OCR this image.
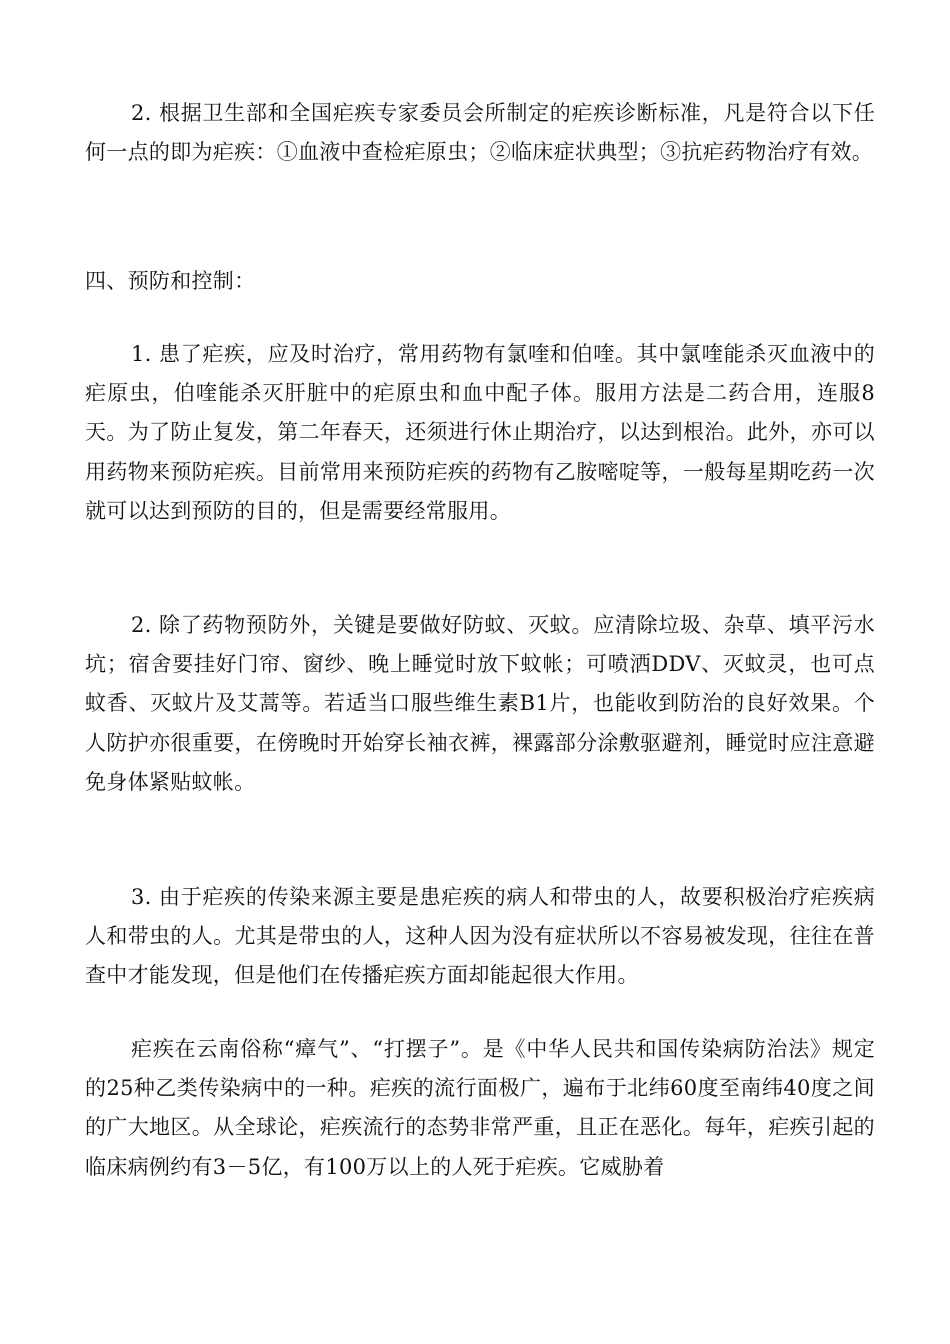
2. 根据卫生部和全国疟疾专家委员会所制定的疟疾诊断标准，凡是符合以下任何一点的即为疟疾：①血液中查检疟原虫；②临床症状典型；③抗疟药物治疗有效。

四、预防和控制：

1. 患了疟疾，应及时治疗，常用药物有氯喹和伯喹。其中氯喹能杀灭血液中的疟原虫，伯喹能杀灭肝脏中的疟原虫和血中配子体。服用方法是二药合用，连服8天。为了防止复发，第二年春天，还须进行休止期治疗，以达到根治。此外，亦可以用药物来预防疟疾。目前常用来预防疟疾的药物有乙胺嘧啶等，一般每星期吃药一次就可以达到预防的目的，但是需要经常服用。

2. 除了药物预防外，关键是要做好防蚊、灭蚊。应清除垃圾、杂草、填平污水坑；宿舍要挂好门帘、窗纱、晚上睡觉时放下蚊帐；可喷洒DDV、灭蚊灵，也可点蚊香、灭蚊片及艾蒿等。若适当口服些维生素B1片，也能收到防治的良好效果。个人防护亦很重要，在傍晚时开始穿长袖衣裤，裸露部分涂敷驱避剂，睡觉时应注意避免身体紧贴蚊帐。

3. 由于疟疾的传染来源主要是患疟疾的病人和带虫的人，故要积极治疗疟疾病人和带虫的人。尤其是带虫的人，这种人因为没有症状所以不容易被发现，往往在普查中才能发现，但是他们在传播疟疾方面却能起很大作用。

疟疾在云南俗称“瘴气”、“打摆子”。是《中华人民共和国传染病防治法》规定的25种乙类传染病中的一种。疟疾的流行面极广，遍布于北纬60度至南纬40度之间的广大地区。从全球论，疟疾流行的态势非常严重，且正在恶化。每年，疟疾引起的临床病例约有3－5亿，有100万以上的人死于疟疾。它威胁着
